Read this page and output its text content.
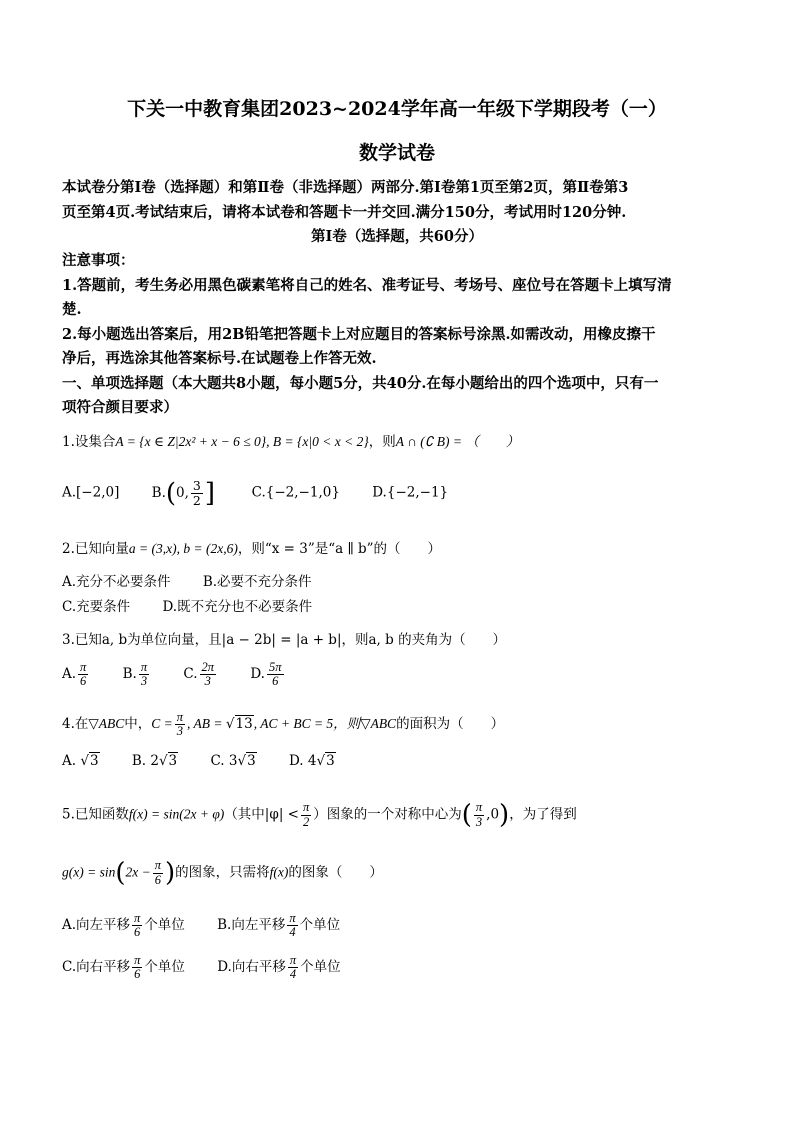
下关一中教育集团2023~2024学年高一年级下学期段考（一）
数学试卷
本试卷分第Ⅰ卷（选择题）和第Ⅱ卷（非选择题）两部分.第Ⅰ卷第1页至第2页，第Ⅱ卷第3
页至第4页.考试结束后，请将本试卷和答题卡一并交回.满分150分，考试用时120分钟.
第Ⅰ卷（选择题，共60分）
注意事项：
1.答题前，考生务必用黑色碳素笔将自己的姓名、准考证号、考场号、座位号在答题卡上填写清
楚.
2.每小题选出答案后，用2B铅笔把答题卡上对应题目的答案标号涂黑.如需改动，用橡皮擦干
净后，再选涂其他答案标号.在试题卷上作答无效.
一、单项选择题（本大题共8小题，每小题5分，共40分.在每小题给出的四个选项中，只有一
项符合颜目要求）
1.设集合A = {x ∈ Z|2x² + x − 6 ≤ 0}, B = {x|0 < x < 2}，则A ∩ (∁ B) = （　　）
A.[−2,0] B.(0, $\frac{3}{2}$ ]	C.{−2,−1,0} D.{−2,−1}
2.已知向量a = (3,x), b = (2x,6)，则“x = 3”是“a ∥ b”的（　　）
A.充分不必要条件 B.必要不充分条件
C.充要条件 D.既不充分也不必要条件
3.已知a, b为单位向量，且|a − 2b| = |a + b|，则a, b 的夹角为（　　）
A. $\frac{\pi}{6}$	B. $\frac{\pi}{3}$	C. $\frac{2\pi}{3}$	D. $\frac{5\pi}{6}$
4.在▽ABC中，$C = \frac{\pi}{3}$ , AB = √13, AC + BC = 5，则▽ABC的面积为（　　）
A. √3 B. 2√3 C. 3√3 D. 4√3
5.已知函数f(x) = sin(2x + φ)（其中$|\varphi| < \frac{\pi}{2}$ ）图象的一个对称中心为( $\frac{\pi}{3} ,0$)，为了得到
$g(x) = \sin(2x - \frac{\pi}{6}$ )的图象，只需将f(x)的图象（　　）
A.向左平移 $\frac{\pi}{6}$ 个单位 B.向左平移 $\frac{\pi}{4}$ 个单位
C.向右平移 $\frac{\pi}{6}$ 个单位 D.向右平移 $\frac{\pi}{4}$ 个单位
